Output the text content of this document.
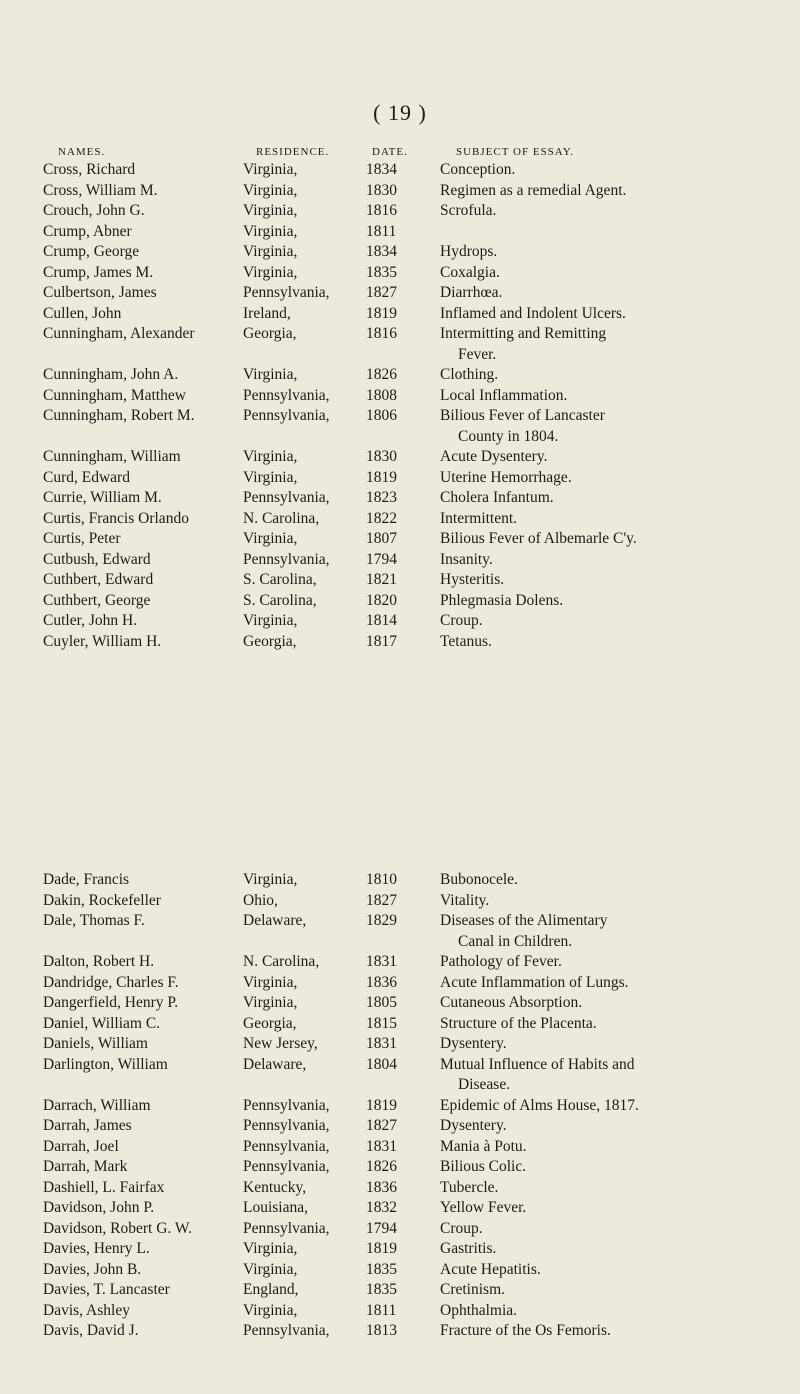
( 19 )
NAMES.	RESIDENCE.	DATE.	SUBJECT OF ESSAY.
Cross, Richard	Virginia,	1834	Conception.
Cross, William M.	Virginia,	1830	Regimen as a remedial Agent.
Crouch, John G.	Virginia,	1816	Scrofula.
Crump, Abner	Virginia,	1811
Crump, George	Virginia,	1834	Hydrops.
Crump, James M.	Virginia,	1835	Coxalgia.
Culbertson, James	Pennsylvania, 1827	Diarrhœa.
Cullen, John	Ireland,	1819	Inflamed and Indolent Ulcers.
Cunningham, Alexander	Georgia,	1816	Intermitting and Remitting
Fever.
Cunningham, John A.	Virginia,	1826	Clothing.
Cunningham, Matthew	Pennsylvania, 1808	Local Inflammation.
Cunningham, Robert M.	Pennsylvania, 1806	Bilious Fever of Lancaster
County in 1804.
Cunningham, William	Virginia,	1830	Acute Dysentery.
Curd, Edward	Virginia,	1819	Uterine Hemorrhage.
Currie, William M.	Pennsylvania, 1823	Cholera Infantum.
Curtis, Francis Orlando	N. Carolina,	1822	Intermittent.
Curtis, Peter	Virginia,	1807	Bilious Fever of Albemarle C'y.
Cutbush, Edward	Pennsylvania, 1794	Insanity.
Cuthbert, Edward	S. Carolina,	1821	Hysteritis.
Cuthbert, George	S. Carolina,	1820	Phlegmasia Dolens.
Cutler, John H.	Virginia,	1814	Croup.
Cuyler, William H.	Georgia,	1817	Tetanus.
Dade, Francis	Virginia,	1810	Bubonocele.
Dakin, Rockefeller	Ohio,	1827	Vitality.
Dale, Thomas F.	Delaware,	1829	Diseases of the Alimentary
Canal in Children.
Dalton, Robert H.	N. Carolina,	1831	Pathology of Fever.
Dandridge, Charles F.	Virginia,	1836	Acute Inflammation of Lungs.
Dangerfield, Henry P.	Virginia,	1805	Cutaneous Absorption.
Daniel, William C.	Georgia,	1815	Structure of the Placenta.
Daniels, William	New Jersey,	1831	Dysentery.
Darlington, William	Delaware,	1804	Mutual Influence of Habits and
Disease.
Darrach, William	Pennsylvania, 1819	Epidemic of Alms House, 1817.
Darrah, James	Pennsylvania, 1827	Dysentery.
Darrah, Joel	Pennsylvania, 1831	Mania à Potu.
Darrah, Mark	Pennsylvania, 1826	Bilious Colic.
Dashiell, L. Fairfax	Kentucky,	1836	Tubercle.
Davidson, John P.	Louisiana,	1832	Yellow Fever.
Davidson, Robert G. W.	Pennsylvania, 1794	Croup.
Davies, Henry L.	Virginia,	1819	Gastritis.
Davies, John B.	Virginia,	1835	Acute Hepatitis.
Davies, T. Lancaster	England,	1835	Cretinism.
Davis, Ashley	Virginia,	1811	Ophthalmia.
Davis, David J.	Pennsylvania, 1813	Fracture of the Os Femoris.
